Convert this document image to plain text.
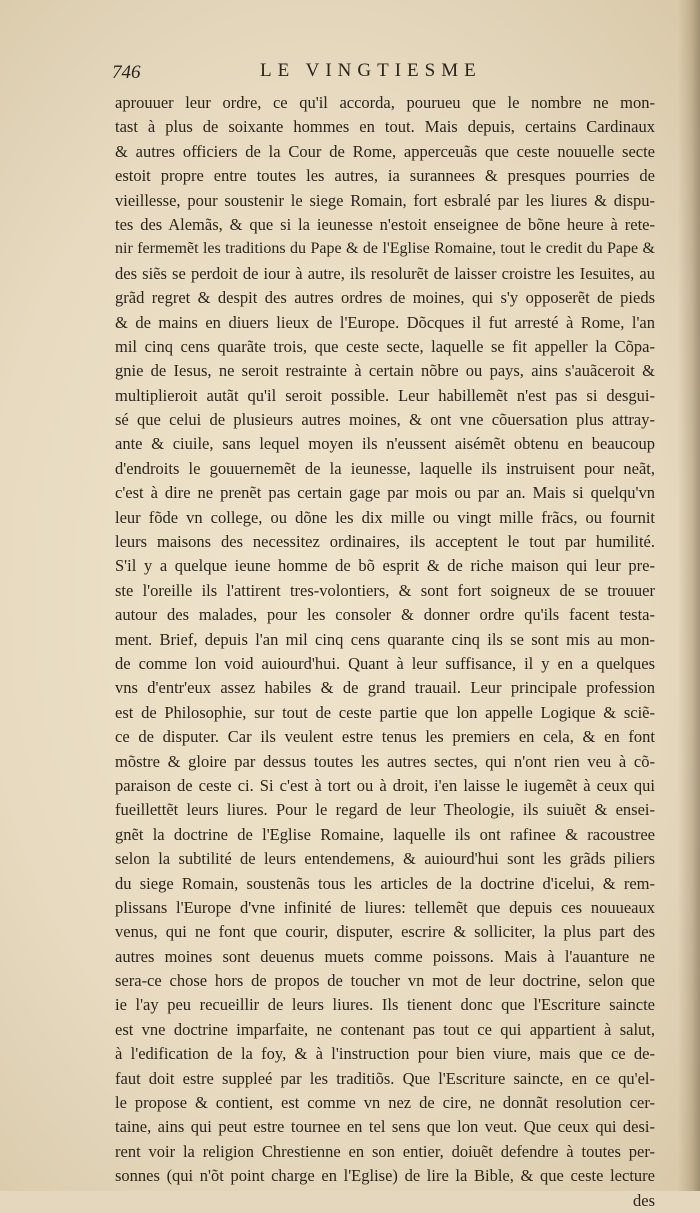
746	LE VINGTIESME
aprouuer leur ordre, ce qu'il accorda, pourueu que le nombre ne mon-
tast à plus de soixante hommes en tout. Mais depuis, certains Cardinaux
& autres officiers de la Cour de Rome, apperceuãs que ceste nouuelle secte
estoit propre entre toutes les autres, ia surannees & presques pourries de
vieillesse, pour soustenir le siege Romain, fort esbralé par les liures & dispu-
tes des Alemãs, & que si la ieunesse n'estoit enseignee de bõne heure à rete-
nir fermemẽt les traditions du Pape & de l'Eglise Romaine, tout le credit du Pape &
des siẽs se perdoit de iour à autre, ils resolurẽt de laisser croistre les Iesuites, au
grãd regret & despit des autres ordres de moines, qui s'y opposerẽt de pieds
& de mains en diuers lieux de l'Europe. Dõcques il fut arresté à Rome, l'an
mil cinq cens quarãte trois, que ceste secte, laquelle se fit appeller la Cõpa-
gnie de Iesus, ne seroit restrainte à certain nõbre ou pays, ains s'auãceroit &
multiplieroit autãt qu'il seroit possible. Leur habillemẽt n'est pas si desgui-
sé que celui de plusieurs autres moines, & ont vne cõuersation plus attray-
ante & ciuile, sans lequel moyen ils n'eussent aisémẽt obtenu en beaucoup
d'endroits le gouuernemẽt de la ieunesse, laquelle ils instruisent pour neãt,
c'est à dire ne prenẽt pas certain gage par mois ou par an. Mais si quelqu'vn
leur fõde vn college, ou dõne les dix mille ou vingt mille frãcs, ou fournit
leurs maisons des necessitez ordinaires, ils acceptent le tout par humilité.
S'il y a quelque ieune homme de bõ esprit & de riche maison qui leur pre-
ste l'oreille ils l'attirent tres-volontiers, & sont fort soigneux de se trouuer
autour des malades, pour les consoler & donner ordre qu'ils facent testa-
ment. Brief, depuis l'an mil cinq cens quarante cinq ils se sont mis au mon-
de comme lon void auiourd'hui. Quant à leur suffisance, il y en a quelques
vns d'entr'eux assez habiles & de grand trauail. Leur principale profession
est de Philosophie, sur tout de ceste partie que lon appelle Logique & sciẽ-
ce de disputer. Car ils veulent estre tenus les premiers en cela, & en font
mõstre & gloire par dessus toutes les autres sectes, qui n'ont rien veu à cõ-
paraison de ceste ci. Si c'est à tort ou à droit, i'en laisse le iugemẽt à ceux qui
fueillettẽt leurs liures. Pour le regard de leur Theologie, ils suiuẽt & ensei-
gnẽt la doctrine de l'Eglise Romaine, laquelle ils ont rafinee & racoustree
selon la subtilité de leurs entendemens, & auiourd'hui sont les grãds piliers
du siege Romain, soustenãs tous les articles de la doctrine d'icelui, & rem-
plissans l'Europe d'vne infinité de liures: tellemẽt que depuis ces nouueaux
venus, qui ne font que courir, disputer, escrire & solliciter, la plus part des
autres moines sont deuenus muets comme poissons. Mais à l'auanture ne
sera-ce chose hors de propos de toucher vn mot de leur doctrine, selon que
ie l'ay peu recueillir de leurs liures. Ils tienent donc que l'Escriture saincte
est vne doctrine imparfaite, ne contenant pas tout ce qui appartient à salut,
à l'edification de la foy, & à l'instruction pour bien viure, mais que ce de-
faut doit estre suppleé par les traditiõs. Que l'Escriture saincte, en ce qu'el-
le propose & contient, est comme vn nez de cire, ne donnãt resolution cer-
taine, ains qui peut estre tournee en tel sens que lon veut. Que ceux qui desi-
rent voir la religion Chrestienne en son entier, doiuẽt defendre à toutes per-
sonnes (qui n'õt point charge en l'Eglise) de lire la Bible, & que ceste lecture
des
